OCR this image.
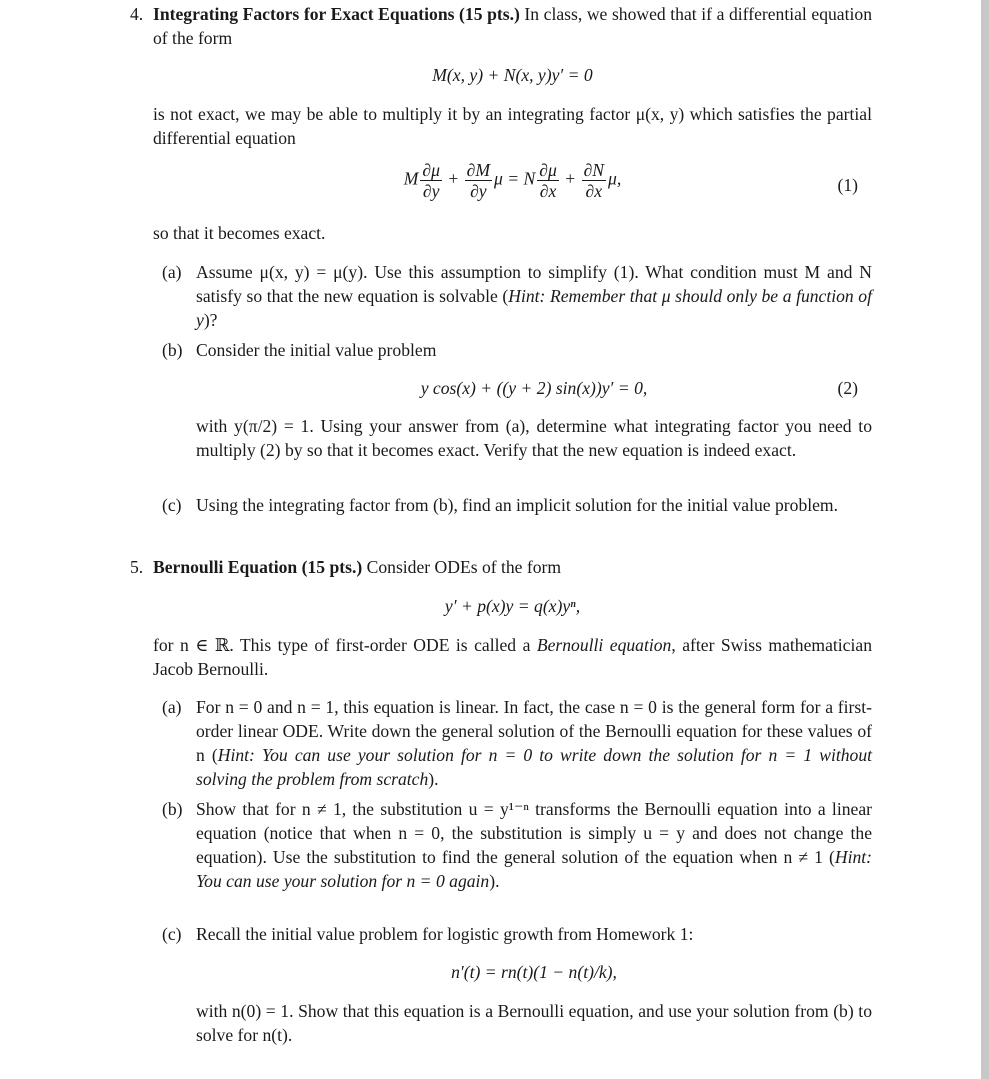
4. Integrating Factors for Exact Equations (15 pts.) In class, we showed that if a differential equation of the form
M(x, y) + N(x, y)y′ = 0
is not exact, we may be able to multiply it by an integrating factor μ(x, y) which satisfies the partial differential equation
M $\frac{\partial\mu}{\partial y} + \frac{\partial M}{\partial y}$ μ = N $\frac{\partial\mu}{\partial x} + \frac{\partial N}{\partial x} \mu$,	(1)
so that it becomes exact.
(a) Assume μ(x, y) = μ(y). Use this assumption to simplify (1). What condition must M and N satisfy so that the new equation is solvable (Hint: Remember that μ should only be a function of y)?
(b) Consider the initial value problem
y cos(x) + ((y + 2) sin(x))y′ = 0,	(2)
with y(π/2) = 1. Using your answer from (a), determine what integrating factor you need to multiply (2) by so that it becomes exact. Verify that the new equation is indeed exact.
(c) Using the integrating factor from (b), find an implicit solution for the initial value problem.
5. Bernoulli Equation (15 pts.) Consider ODEs of the form
y′ + p(x)y = q(x)yⁿ,
for n ∈ ℝ. This type of first-order ODE is called a Bernoulli equation, after Swiss mathematician Jacob Bernoulli.
(a) For n = 0 and n = 1, this equation is linear. In fact, the case n = 0 is the general form for a first-order linear ODE. Write down the general solution of the Bernoulli equation for these values of n (Hint: You can use your solution for n = 0 to write down the solution for n = 1 without solving the problem from scratch).
(b) Show that for n ≠ 1, the substitution u = y¹⁻ⁿ transforms the Bernoulli equation into a linear equation (notice that when n = 0, the substitution is simply u = y and does not change the equation). Use the substitution to find the general solution of the equation when n ≠ 1 (Hint: You can use your solution for n = 0 again).
(c) Recall the initial value problem for logistic growth from Homework 1:
n′(t) = rn(t)(1 − n(t)/k),
with n(0) = 1. Show that this equation is a Bernoulli equation, and use your solution from (b) to solve for n(t).
